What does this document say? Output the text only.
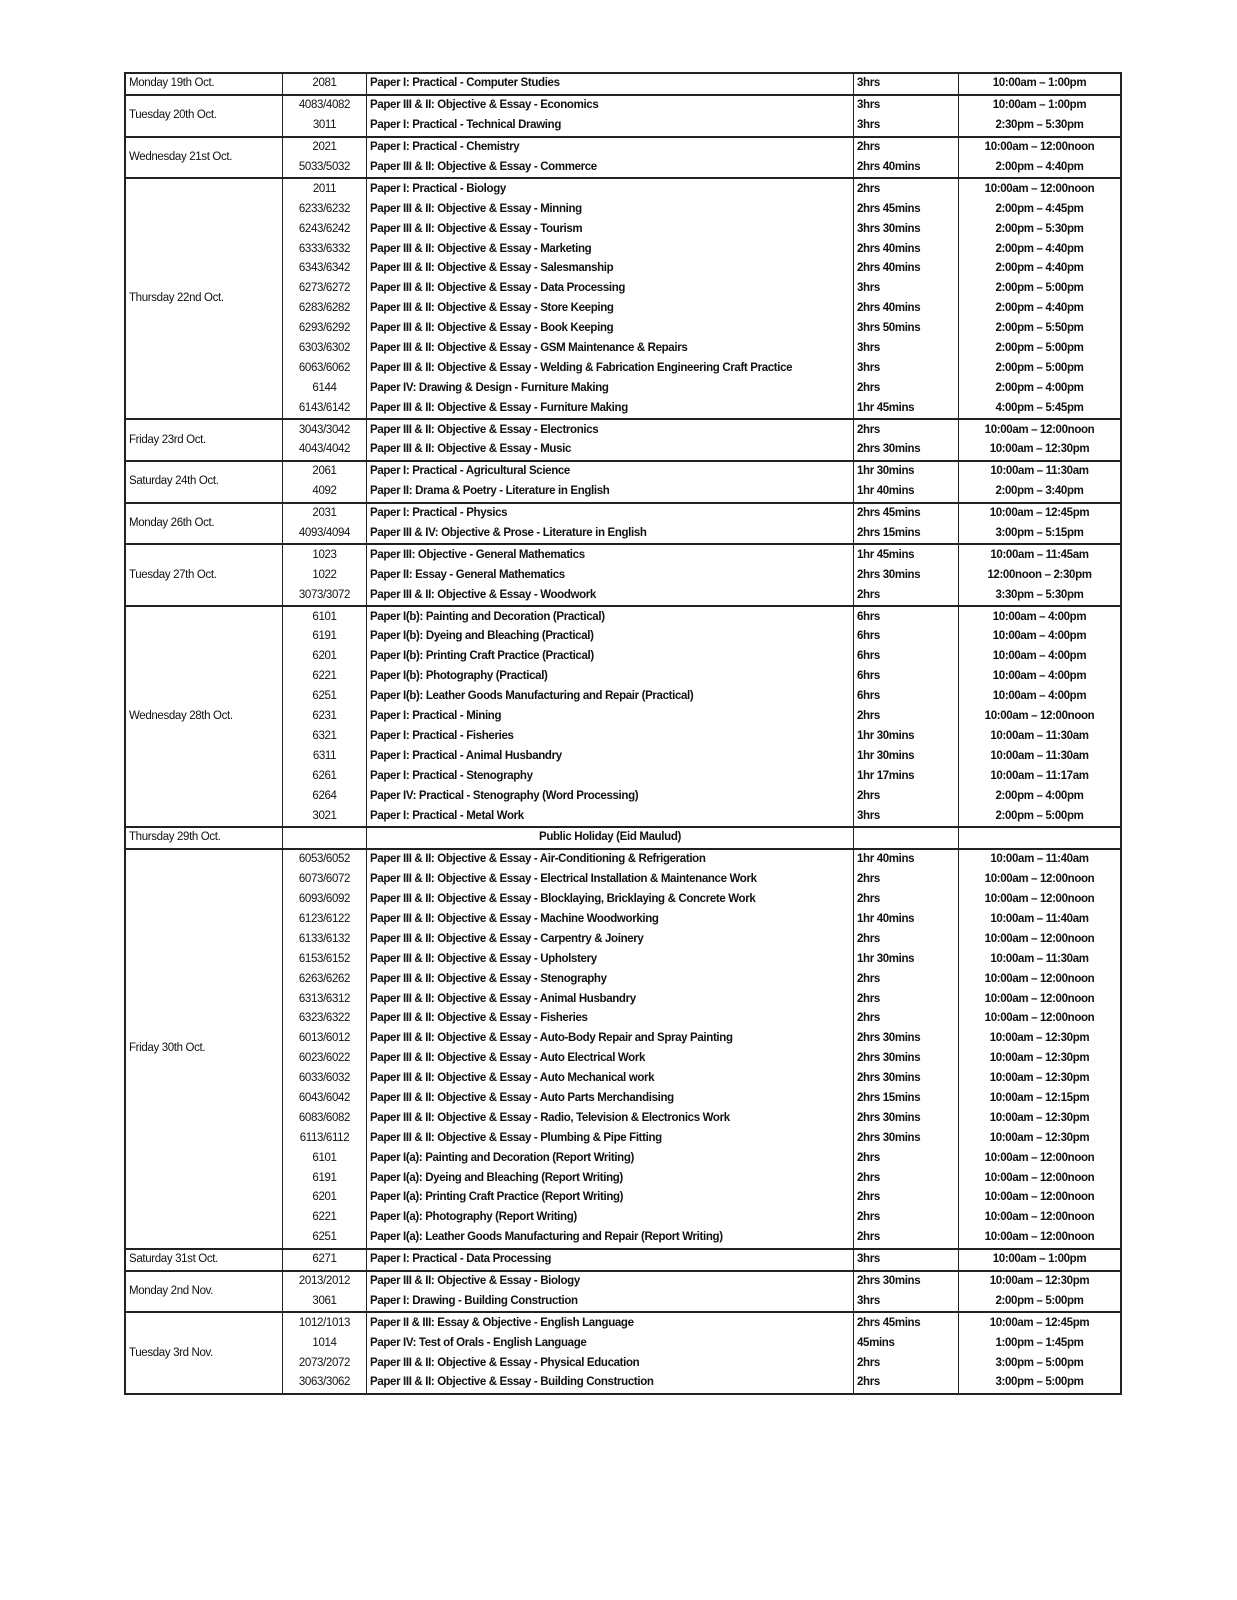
Monday 19th Oct.	2081	Paper I: Practical - Computer Studies	3hrs	10:00am – 1:00pm
Tuesday 20th Oct.	4083/4082	Paper III & II: Objective & Essay - Economics	3hrs	10:00am – 1:00pm
	3011	Paper I: Practical - Technical Drawing	3hrs	2:30pm – 5:30pm
Wednesday 21st Oct.	2021	Paper I: Practical - Chemistry	2hrs	10:00am – 12:00noon
	5033/5032	Paper III & II: Objective & Essay - Commerce	2hrs 40mins	2:00pm – 4:40pm
Thursday 22nd Oct.	2011	Paper I: Practical - Biology	2hrs	10:00am – 12:00noon
	6233/6232	Paper III & II: Objective & Essay - Minning	2hrs 45mins	2:00pm – 4:45pm
	6243/6242	Paper III & II: Objective & Essay - Tourism	3hrs 30mins	2:00pm – 5:30pm
	6333/6332	Paper III & II: Objective & Essay - Marketing	2hrs 40mins	2:00pm – 4:40pm
	6343/6342	Paper III & II: Objective & Essay - Salesmanship	2hrs 40mins	2:00pm – 4:40pm
	6273/6272	Paper III & II: Objective & Essay - Data Processing	3hrs	2:00pm – 5:00pm
	6283/6282	Paper III & II: Objective & Essay - Store Keeping	2hrs 40mins	2:00pm – 4:40pm
	6293/6292	Paper III & II: Objective & Essay - Book Keeping	3hrs 50mins	2:00pm – 5:50pm
	6303/6302	Paper III & II: Objective & Essay - GSM Maintenance & Repairs	3hrs	2:00pm – 5:00pm
	6063/6062	Paper III & II: Objective & Essay - Welding & Fabrication Engineering Craft Practice	3hrs	2:00pm – 5:00pm
	6144	Paper IV: Drawing & Design - Furniture Making	2hrs	2:00pm – 4:00pm
	6143/6142	Paper III & II: Objective & Essay - Furniture Making	1hr 45mins	4:00pm – 5:45pm
Friday 23rd Oct.	3043/3042	Paper III & II: Objective & Essay - Electronics	2hrs	10:00am – 12:00noon
	4043/4042	Paper III & II: Objective & Essay - Music	2hrs 30mins	10:00am – 12:30pm
Saturday 24th Oct.	2061	Paper I: Practical - Agricultural Science	1hr 30mins	10:00am – 11:30am
	4092	Paper II: Drama & Poetry - Literature in English	1hr 40mins	2:00pm – 3:40pm
Monday 26th Oct.	2031	Paper I: Practical - Physics	2hrs 45mins	10:00am – 12:45pm
	4093/4094	Paper III & IV: Objective & Prose - Literature in English	2hrs 15mins	3:00pm – 5:15pm
Tuesday 27th Oct.	1023	Paper III: Objective - General Mathematics	1hr 45mins	10:00am – 11:45am
	1022	Paper II: Essay - General Mathematics	2hrs 30mins	12:00noon – 2:30pm
	3073/3072	Paper III & II: Objective & Essay - Woodwork	2hrs	3:30pm – 5:30pm
Wednesday 28th Oct.	6101	Paper I(b): Painting and Decoration (Practical)	6hrs	10:00am – 4:00pm
	6191	Paper I(b): Dyeing and Bleaching (Practical)	6hrs	10:00am – 4:00pm
	6201	Paper I(b): Printing Craft Practice (Practical)	6hrs	10:00am – 4:00pm
	6221	Paper I(b): Photography (Practical)	6hrs	10:00am – 4:00pm
	6251	Paper I(b): Leather Goods Manufacturing and Repair (Practical)	6hrs	10:00am – 4:00pm
	6231	Paper I: Practical - Mining	2hrs	10:00am – 12:00noon
	6321	Paper I: Practical - Fisheries	1hr 30mins	10:00am – 11:30am
	6311	Paper I: Practical - Animal Husbandry	1hr 30mins	10:00am – 11:30am
	6261	Paper I: Practical - Stenography	1hr 17mins	10:00am – 11:17am
	6264	Paper IV: Practical - Stenography (Word Processing)	2hrs	2:00pm – 4:00pm
	3021	Paper I: Practical - Metal Work	3hrs	2:00pm – 5:00pm
Thursday 29th Oct.		Public Holiday (Eid Maulud)		
Friday 30th Oct.	6053/6052	Paper III & II: Objective & Essay - Air-Conditioning & Refrigeration	1hr 40mins	10:00am – 11:40am
	6073/6072	Paper III & II: Objective & Essay - Electrical Installation & Maintenance Work	2hrs	10:00am – 12:00noon
	6093/6092	Paper III & II: Objective & Essay - Blocklaying, Bricklaying & Concrete Work	2hrs	10:00am – 12:00noon
	6123/6122	Paper III & II: Objective & Essay - Machine Woodworking	1hr 40mins	10:00am – 11:40am
	6133/6132	Paper III & II: Objective & Essay - Carpentry & Joinery	2hrs	10:00am – 12:00noon
	6153/6152	Paper III & II: Objective & Essay - Upholstery	1hr 30mins	10:00am – 11:30am
	6263/6262	Paper III & II: Objective & Essay - Stenography	2hrs	10:00am – 12:00noon
	6313/6312	Paper III & II: Objective & Essay - Animal Husbandry	2hrs	10:00am – 12:00noon
	6323/6322	Paper III & II: Objective & Essay - Fisheries	2hrs	10:00am – 12:00noon
	6013/6012	Paper III & II: Objective & Essay - Auto-Body Repair and Spray Painting	2hrs 30mins	10:00am – 12:30pm
	6023/6022	Paper III & II: Objective & Essay - Auto Electrical Work	2hrs 30mins	10:00am – 12:30pm
	6033/6032	Paper III & II: Objective & Essay - Auto Mechanical work	2hrs 30mins	10:00am – 12:30pm
	6043/6042	Paper III & II: Objective & Essay - Auto Parts Merchandising	2hrs 15mins	10:00am – 12:15pm
	6083/6082	Paper III & II: Objective & Essay - Radio, Television & Electronics Work	2hrs 30mins	10:00am – 12:30pm
	6113/6112	Paper III & II: Objective & Essay - Plumbing & Pipe Fitting	2hrs 30mins	10:00am – 12:30pm
	6101	Paper I(a): Painting and Decoration (Report Writing)	2hrs	10:00am – 12:00noon
	6191	Paper I(a): Dyeing and Bleaching (Report Writing)	2hrs	10:00am – 12:00noon
	6201	Paper I(a): Printing Craft Practice (Report Writing)	2hrs	10:00am – 12:00noon
	6221	Paper I(a): Photography (Report Writing)	2hrs	10:00am – 12:00noon
	6251	Paper I(a): Leather Goods Manufacturing and Repair (Report Writing)	2hrs	10:00am – 12:00noon
Saturday 31st Oct.	6271	Paper I: Practical - Data Processing	3hrs	10:00am – 1:00pm
Monday 2nd Nov.	2013/2012	Paper III & II: Objective & Essay - Biology	2hrs 30mins	10:00am – 12:30pm
	3061	Paper I: Drawing - Building Construction	3hrs	2:00pm – 5:00pm
Tuesday 3rd Nov.	1012/1013	Paper II & III: Essay & Objective - English Language	2hrs 45mins	10:00am – 12:45pm
	1014	Paper IV: Test of Orals - English Language	45mins	1:00pm – 1:45pm
	2073/2072	Paper III & II: Objective & Essay - Physical Education	2hrs	3:00pm – 5:00pm
	3063/3062	Paper III & II: Objective & Essay - Building Construction	2hrs	3:00pm – 5:00pm
